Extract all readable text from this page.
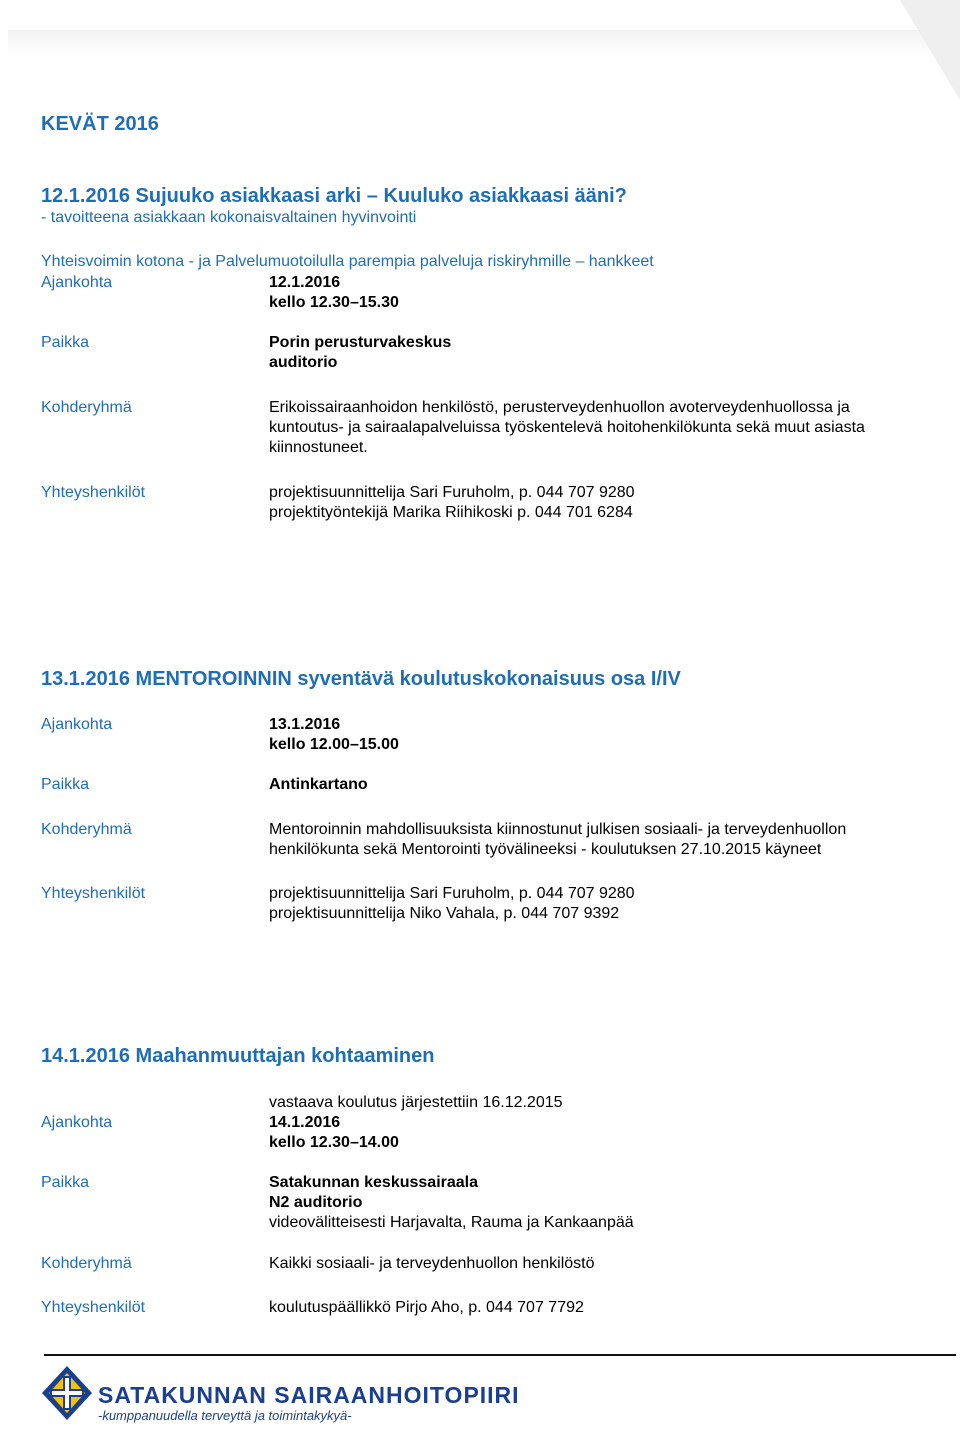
KEVÄT 2016
12.1.2016 Sujuuko asiakkaasi arki – Kuuluko asiakkaasi ääni?
- tavoitteena asiakkaan kokonaisvaltainen hyvinvointi
Yhteisvoimin kotona - ja Palvelumuotoilulla parempia palveluja riskiryhmille – hankkeet
Ajankohta	12.1.2016
kello 12.30–15.30
Paikka	Porin perusturvakeskus
auditorio
Kohderyhmä	Erikoissairaanhoidon henkilöstö, perusterveydenhuollon avoterveydenhuollossa ja
kuntoutus- ja sairaalapalveluissa työskentelevä hoitohenkilökunta sekä muut asiasta
kiinnostuneet.
Yhteyshenkilöt	projektisuunnittelija Sari Furuholm, p. 044 707 9280
projektityöntekijä Marika Riihikoski p. 044 701 6284
13.1.2016 MENTOROINNIN syventävä koulutuskokonaisuus osa I/IV
Ajankohta	13.1.2016
kello 12.00–15.00
Paikka	Antinkartano
Kohderyhmä	Mentoroinnin mahdollisuuksista kiinnostunut julkisen sosiaali- ja terveydenhuollon
henkilökunta sekä Mentorointi työvälineeksi - koulutuksen 27.10.2015 käyneet
Yhteyshenkilöt	projektisuunnittelija Sari Furuholm, p. 044 707 9280
projektisuunnittelija Niko Vahala, p. 044 707 9392
14.1.2016 Maahanmuuttajan kohtaaminen
vastaava koulutus järjestettiin 16.12.2015
Ajankohta	14.1.2016
kello 12.30–14.00
Paikka	Satakunnan keskussairaala
N2 auditorio
videovälitteisesti Harjavalta, Rauma ja Kankaanpää
Kohderyhmä	Kaikki sosiaali- ja terveydenhuollon henkilöstö
Yhteyshenkilöt	koulutuspäällikkö Pirjo Aho, p. 044 707 7792
SATAKUNNAN SAIRAANHOITOPIIRI
-kumppanuudella terveyttä ja toimintakykyä-
